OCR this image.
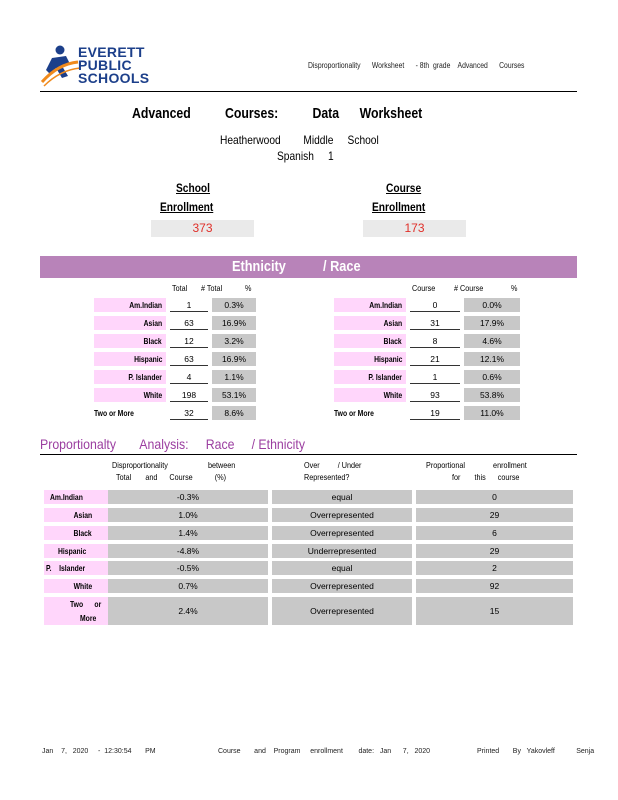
EVERETT
PUBLIC
SCHOOLS
Disproportionality      Worksheet      - 8th  grade    Advanced      Courses
Advanced          Courses:          Data      Worksheet
Heatherwood        Middle     School
Spanish     1
School
Enrollment
373
Course
Enrollment
173
Ethnicity / Race
Total # Total	%
Am.Indian	1	0.3%
Asian	63	16.9%
Black	12	3.2%
Hispanic	63	16.9%
P. Islander	4	1.1%
White	198	53.1%
Two or More	32	8.6%
Course # Course	%
Am.Indian	0	0.0%
Asian	31	17.9%
Black	8	4.6%
Hispanic	21	12.1%
P. Islander	1	0.6%
White	93	53.8%
Two or More	19	11.0%
Proportionalty       Analysis:     Race     / Ethnicity
Disproportionality                    between
Total       and      Course           (%)
Over         / Under
Represented?
Proportional              enrollment
for       this      course
Am.Indian	-0.3%	equal	0
Asian	1.0%	Overrepresented	29
Black	1.4%	Overrepresented	6
Hispanic	-4.8%	Underrepresented	29
P.    Islander	-0.5%	equal	2
White	0.7%	Overrepresented	92
Two      or
More
2.4%	Overrepresented	15
Jan    7,   2020     -  12:30:54       PM	Course       and    Program     enrollment        date:   Jan      7,   2020	Printed       By   Yakovleff           Senja
